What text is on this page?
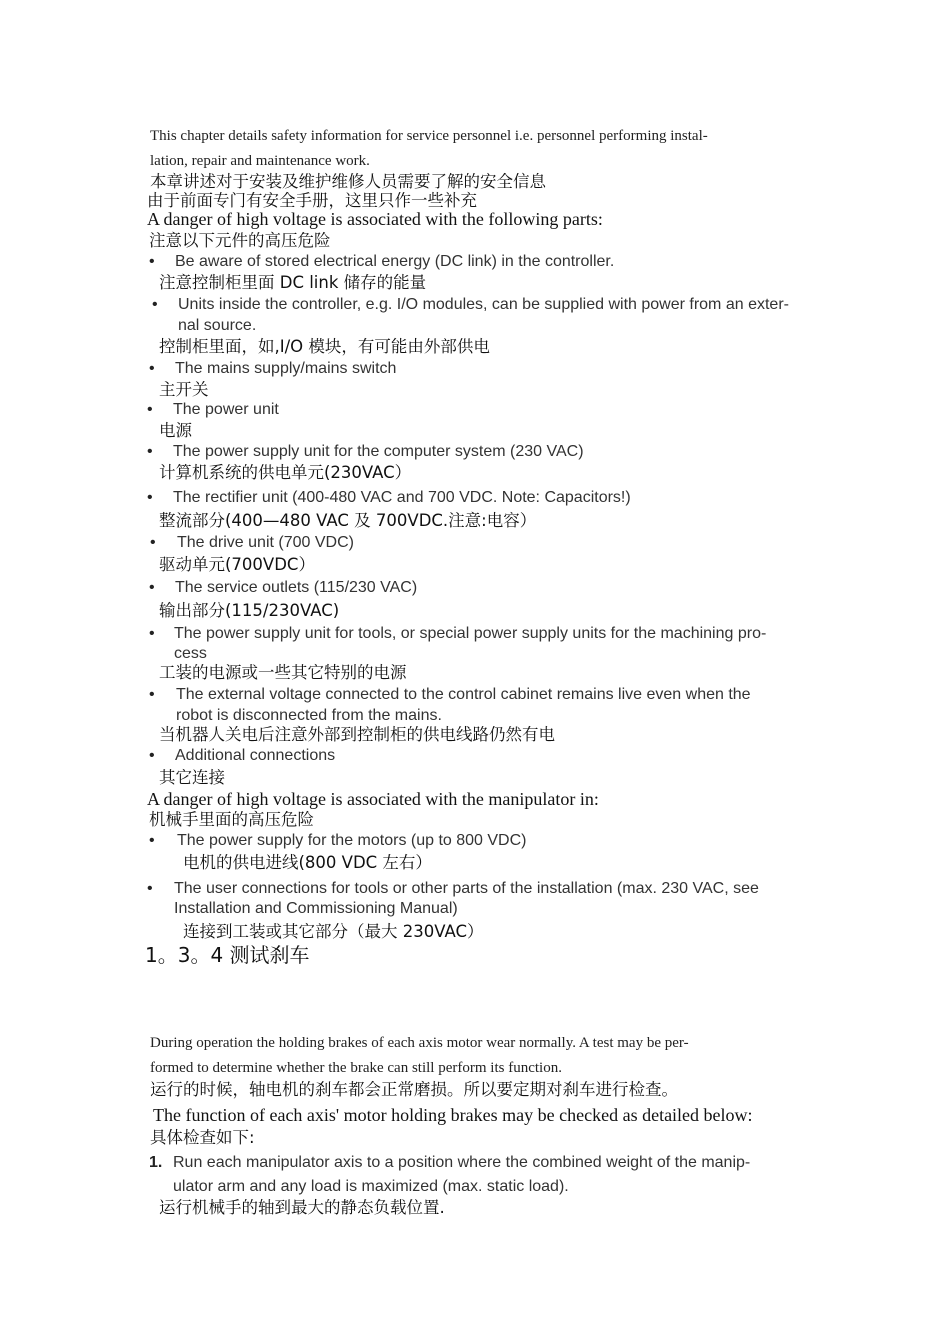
This chapter details safety information for service personnel i.e. personnel performing instal-
lation, repair and maintenance work.
本章讲述对于安装及维护维修人员需要了解的安全信息
由于前面专门有安全手册，这里只作一些补充
A danger of high voltage is associated with the following parts:
注意以下元件的高压危险
• Be aware of stored electrical energy (DC link) in the controller.
注意控制柜里面 DC link 储存的能量
• Units inside the controller, e.g. I/O modules, can be supplied with power from an exter-
nal source.
控制柜里面，如,I/O 模块，有可能由外部供电
• The mains supply/mains switch
主开关
• The power unit
电源
• The power supply unit for the computer system (230 VAC)
计算机系统的供电单元(230VAC）
• The rectifier unit (400-480 VAC and 700 VDC. Note: Capacitors!)
整流部分(400—480 VAC 及 700VDC.注意:电容）
• The drive unit (700 VDC)
驱动单元(700VDC）
• The service outlets (115/230 VAC)
输出部分(115/230VAC)
• The power supply unit for tools, or special power supply units for the machining pro-
cess
工装的电源或一些其它特别的电源
• The external voltage connected to the control cabinet remains live even when the
robot is disconnected from the mains.
当机器人关电后注意外部到控制柜的供电线路仍然有电
• Additional connections
其它连接
A danger of high voltage is associated with the manipulator in:
机械手里面的高压危险
• The power supply for the motors (up to 800 VDC)
电机的供电进线(800 VDC 左右）
• The user connections for tools or other parts of the installation (max. 230 VAC, see
Installation and Commissioning Manual)
连接到工装或其它部分（最大 230VAC）
1。3。4 测试刹车
During operation the holding brakes of each axis motor wear normally. A test may be per-
formed to determine whether the brake can still perform its function.
运行的时候，轴电机的刹车都会正常磨损。所以要定期对刹车进行检查。
The function of each axis' motor holding brakes may be checked as detailed below:
具体检查如下:
1. Run each manipulator axis to a position where the combined weight of the manip-
ulator arm and any load is maximized (max. static load).
运行机械手的轴到最大的静态负载位置.
